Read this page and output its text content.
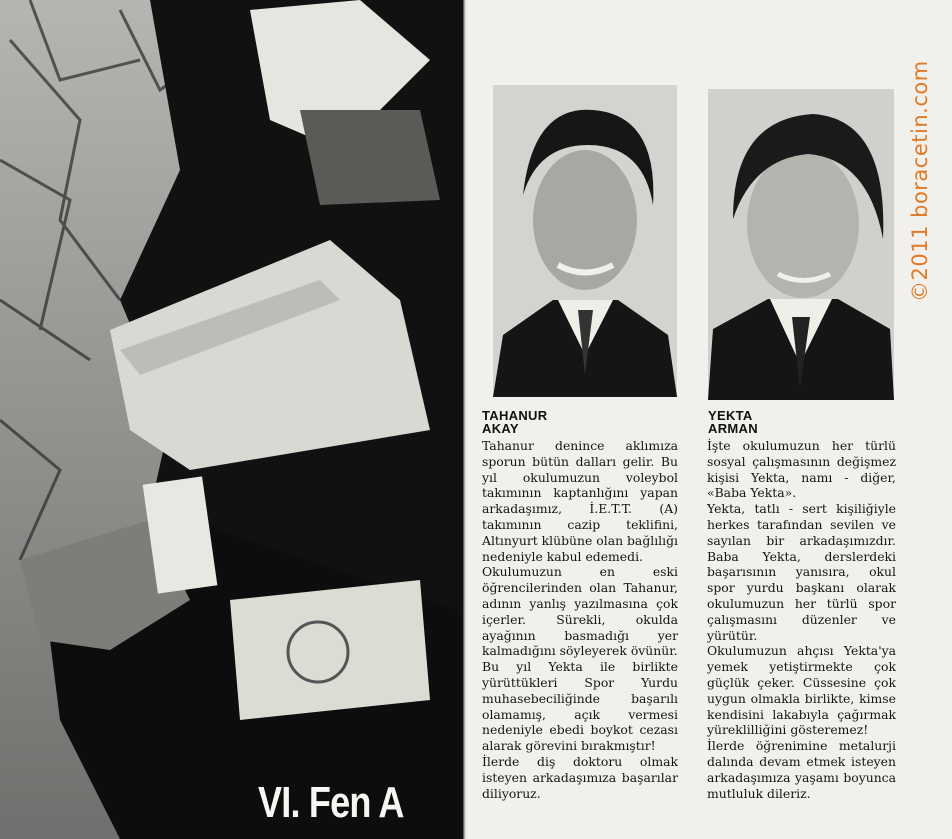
VI. Fen A
TAHANUR
AKAY
YEKTA
ARMAN

Tahanur denince aklımıza sporun bütün dalları gelir. Bu yıl okulumuzun voleybol takımının kaptanlığını yapan arkadaşımız, İ.E.T.T. (A) takımının cazip teklifini, Altınyurt klübüne olan bağlılığı nedeniyle kabul edemedi.

Okulumuzun en eski öğrencilerinden olan Tahanur, adının yanlış yazılmasına çok içerler. Sürekli, okulda ayağının basmadığı yer kalmadığını söyleyerek övünür.

Bu yıl Yekta ile birlikte yürüttükleri Spor Yurdu muhasebeciliğinde başarılı olamamış, açık vermesi nedeniyle ebedi boykot cezası alarak görevini bırakmıştır!

İlerde diş doktoru olmak isteyen arkadaşımıza başarılar diliyoruz.

İşte okulumuzun her türlü sosyal çalışmasının değişmez kişisi Yekta, namı - diğer, «Baba Yekta».

Yekta, tatlı - sert kişiliğiyle herkes tarafından sevilen ve sayılan bir arkadaşımızdır. Baba Yekta, derslerdeki başarısının yanısıra, okul spor yurdu başkanı olarak okulumuzun her türlü spor çalışmasını düzenler ve yürütür.

Okulumuzun ahçısı Yekta'ya yemek yetiştirmekte çok güçlük çeker. Cüssesine çok uygun olmakla birlikte, kimse kendisini lakabıyla çağırmak yüreklilliğini gösteremez!

İlerde öğrenimine metalurji dalında devam etmek isteyen arkadaşımıza yaşamı boyunca mutluluk dileriz.

©2011 boracetin.com
